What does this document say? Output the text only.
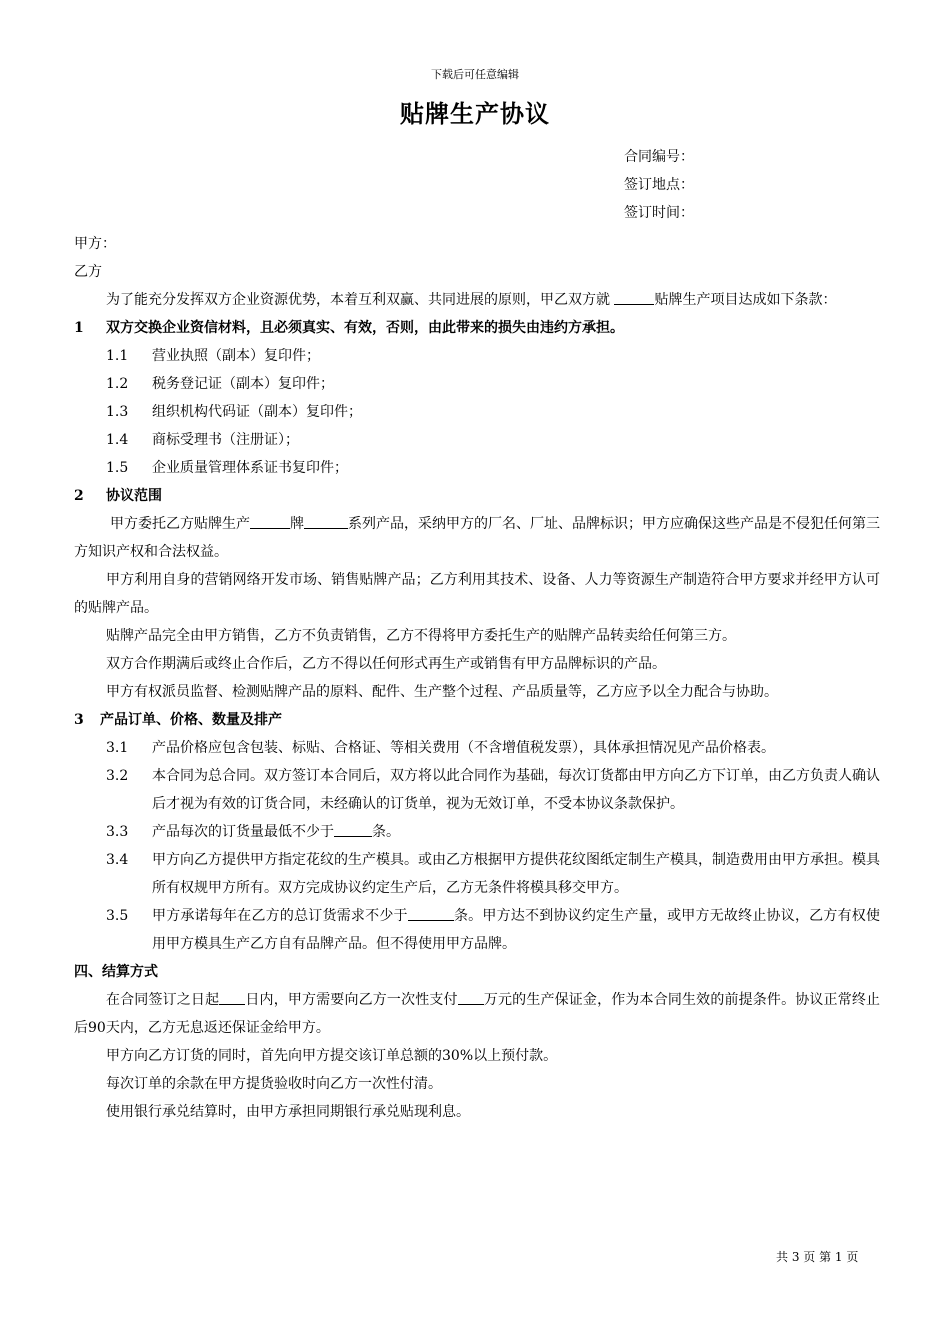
下载后可任意编辑
贴牌生产协议
合同编号：
签订地点：
签订时间：
甲方：
乙方
为了能充分发挥双方企业资源优势，本着互利双赢、共同进展的原则，甲乙双方就	贴牌生产项目达成如下条款：
1 双方交换企业资信材料，且必须真实、有效，否则，由此带来的损失由违约方承担。
1.1	营业执照（副本）复印件；
1.2	税务登记证（副本）复印件；
1.3	组织机构代码证（副本）复印件；
1.4	商标受理书（注册证）；
1.5	企业质量管理体系证书复印件；
2 协议范围
甲方委托乙方贴牌生产	牌	系列产品，采纳甲方的厂名、厂址、品牌标识；甲方应确保这些产品是不侵犯任何第三方知识产权和合法权益。
甲方利用自身的营销网络开发市场、销售贴牌产品；乙方利用其技术、设备、人力等资源生产制造符合甲方要求并经甲方认可的贴牌产品。
贴牌产品完全由甲方销售，乙方不负责销售，乙方不得将甲方委托生产的贴牌产品转卖给任何第三方。
双方合作期满后或终止合作后，乙方不得以任何形式再生产或销售有甲方品牌标识的产品。
甲方有权派员监督、检测贴牌产品的原料、配件、生产整个过程、产品质量等，乙方应予以全力配合与协助。
3 产品订单、价格、数量及排产
3.1	产品价格应包含包装、标贴、合格证、等相关费用（不含增值税发票），具体承担情况见产品价格表。
3.2	本合同为总合同。双方签订本合同后，双方将以此合同作为基础，每次订货都由甲方向乙方下订单，由乙方负责人确认后才视为有效的订货合同，未经确认的订货单，视为无效订单，不受本协议条款保护。
3.3	产品每次的订货量最低不少于	条。
3.4	甲方向乙方提供甲方指定花纹的生产模具。或由乙方根据甲方提供花纹图纸定制生产模具，制造费用由甲方承担。模具所有权规甲方所有。双方完成协议约定生产后，乙方无条件将模具移交甲方。
3.5	甲方承诺每年在乙方的总订货需求不少于	条。甲方达不到协议约定生产量，或甲方无故终止协议，乙方有权使用甲方模具生产乙方自有品牌产品。但不得使用甲方品牌。
四、结算方式
在合同签订之日起 日内，甲方需要向乙方一次性支付 万元的生产保证金，作为本合同生效的前提条件。协议正常终止后90天内，乙方无息返还保证金给甲方。
甲方向乙方订货的同时，首先向甲方提交该订单总额的30%以上预付款。
每次订单的余款在甲方提货验收时向乙方一次性付清。
使用银行承兑结算时，由甲方承担同期银行承兑贴现利息。
共 3 页 第 1 页
